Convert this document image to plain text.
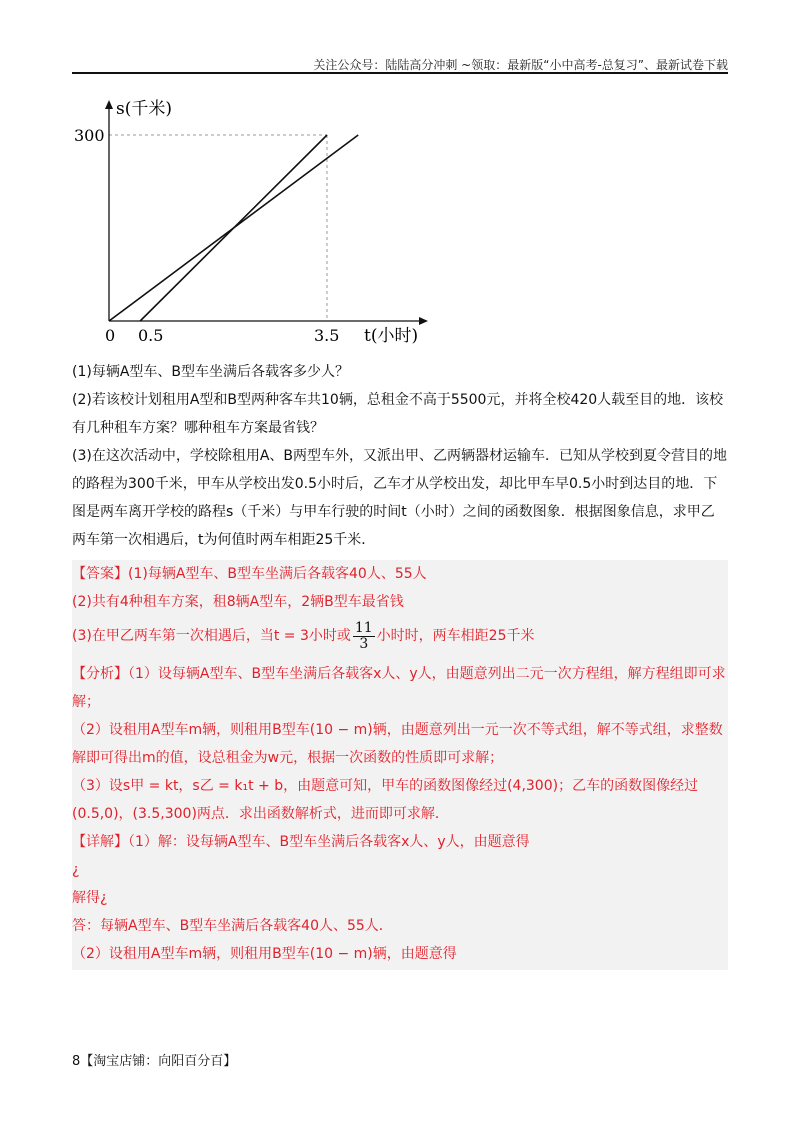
关注公众号：陆陆高分冲刺 ~领取：最新版“小中高考-总复习”、最新试卷下载
s(千米)
300
0 0.5	3.5 t(小时)

(1)每辆A型车、B型车坐满后各载客多少人？

(2)若该校计划租用A型和B型两种客车共10辆，总租金不高于5500元，并将全校420人载至目的地．该校有几种租车方案？哪种租车方案最省钱？

(3)在这次活动中，学校除租用A、B两型车外，又派出甲、乙两辆器材运输车．已知从学校到夏令营目的地的路程为300千米，甲车从学校出发0.5小时后，乙车才从学校出发，却比甲车早0.5小时到达目的地．下图是两车离开学校的路程s（千米）与甲车行驶的时间t（小时）之间的函数图象．根据图象信息，求甲乙两车第一次相遇后，t为何值时两车相距25千米．

【答案】(1)每辆A型车、B型车坐满后各载客40人、55人

(2)共有4种租车方案，租8辆A型车，2辆B型车最省钱

(3)在甲乙两车第一次相遇后，当t = 3小时或 $\frac{11}{3}$ 小时时，两车相距25千米

【分析】（1）设每辆A型车、B型车坐满后各载客x人、y人，由题意列出二元一次方程组，解方程组即可求解；

（2）设租用A型车m辆，则租用B型车(10 − m)辆，由题意列出一元一次不等式组，解不等式组，求整数解即可得出m的值，设总租金为w元，根据一次函数的性质即可求解；

（3）设s甲 = kt，s乙 = k₁t + b，由题意可知，甲车的函数图像经过(4,300)；乙车的函数图像经过(0.5,0)，(3.5,300)两点．求出函数解析式，进而即可求解．

【详解】（1）解：设每辆A型车、B型车坐满后各载客x人、y人，由题意得

¿

解得¿

答：每辆A型车、B型车坐满后各载客40人、55人．

（2）设租用A型车m辆，则租用B型车(10 − m)辆，由题意得

8【淘宝店铺：向阳百分百】
